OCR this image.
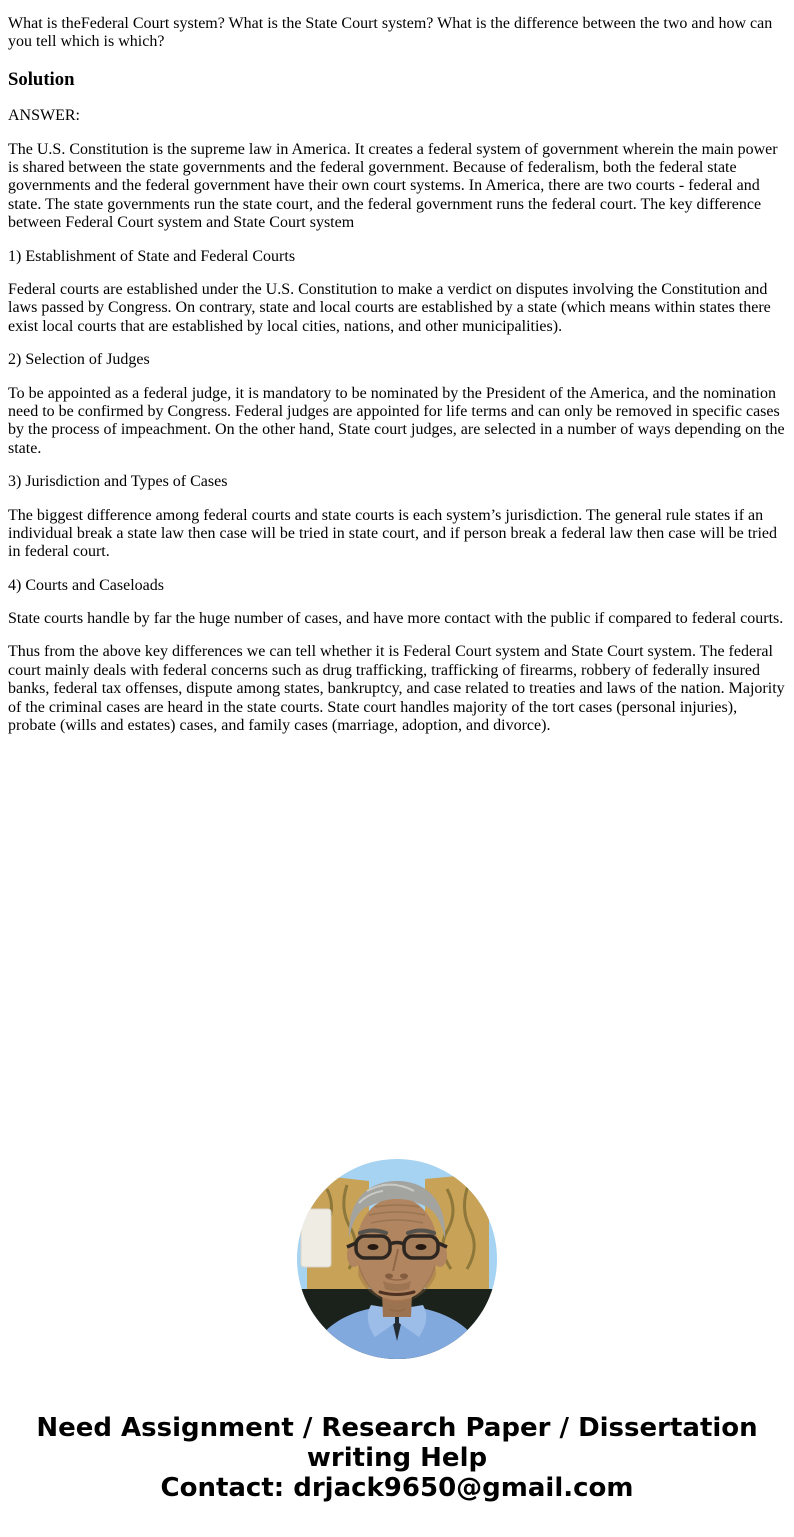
What is theFederal Court system? What is the State Court system? What is the difference between the two and how can you tell which is which?

Solution

ANSWER:

The U.S. Constitution is the supreme law in America. It creates a federal system of government wherein the main power is shared between the state governments and the federal government. Because of federalism, both the federal state governments and the federal government have their own court systems. In America, there are two courts - federal and state. The state governments run the state court, and the federal government runs the federal court. The key difference between Federal Court system and State Court system

1) Establishment of State and Federal Courts

Federal courts are established under the U.S. Constitution to make a verdict on disputes involving the Constitution and laws passed by Congress. On contrary, state and local courts are established by a state (which means within states there exist local courts that are established by local cities, nations, and other municipalities).

2) Selection of Judges

To be appointed as a federal judge, it is mandatory to be nominated by the President of the America, and the nomination need to be confirmed by Congress. Federal judges are appointed for life terms and can only be removed in specific cases by the process of impeachment. On the other hand, State court judges, are selected in a number of ways depending on the state.

3) Jurisdiction and Types of Cases

The biggest difference among federal courts and state courts is each system’s jurisdiction. The general rule states if an individual break a state law then case will be tried in state court, and if person break a federal law then case will be tried in federal court.

4) Courts and Caseloads

State courts handle by far the huge number of cases, and have more contact with the public if compared to federal courts.

Thus from the above key differences we can tell whether it is Federal Court system and State Court system. The federal court mainly deals with federal concerns such as drug trafficking, trafficking of firearms, robbery of federally insured banks, federal tax offenses, dispute among states, bankruptcy, and case related to treaties and laws of the nation. Majority of the criminal cases are heard in the state courts. State court handles majority of the tort cases (personal injuries), probate (wills and estates) cases, and family cases (marriage, adoption, and divorce).

Need Assignment / Research Paper / Dissertation
writing Help
Contact: drjack9650@gmail.com
